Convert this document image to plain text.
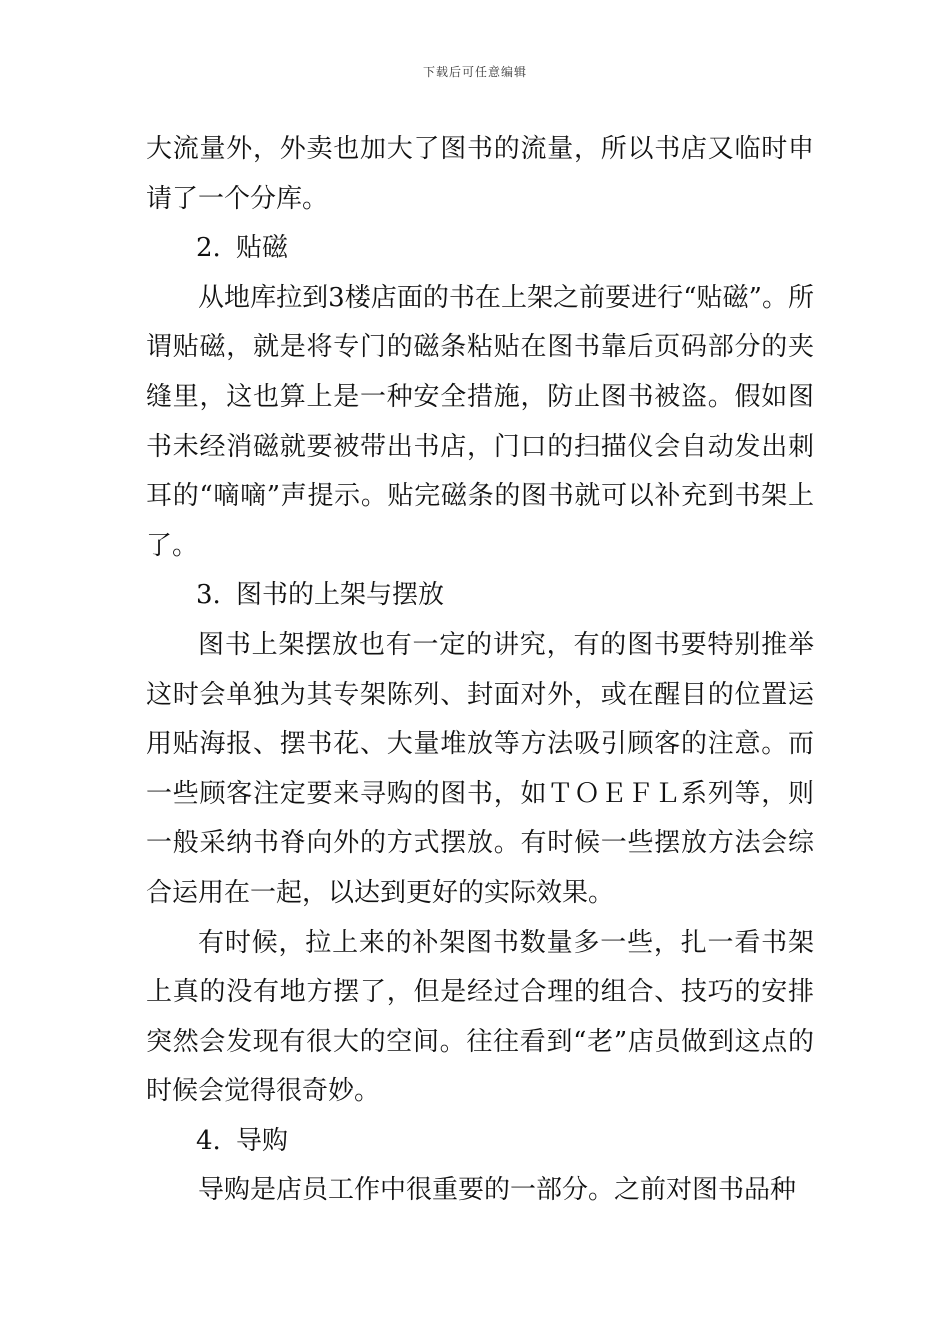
下载后可任意编辑

大流量外，外卖也加大了图书的流量，所以书店又临时申请了一个分库。

2. 贴磁

从地库拉到3楼店面的书在上架之前要进行“贴磁”。所谓贴磁，就是将专门的磁条粘贴在图书靠后页码部分的夹缝里，这也算上是一种安全措施，防止图书被盗。假如图书未经消磁就要被带出书店，门口的扫描仪会自动发出刺耳的“嘀嘀”声提示。贴完磁条的图书就可以补充到书架上了。

3. 图书的上架与摆放

图书上架摆放也有一定的讲究，有的图书要特别推举这时会单独为其专架陈列、封面对外，或在醒目的位置运用贴海报、摆书花、大量堆放等方法吸引顾客的注意。而一些顾客注定要来寻购的图书，如ＴＯＥＦＬ系列等，则一般采纳书脊向外的方式摆放。有时候一些摆放方法会综合运用在一起，以达到更好的实际效果。

有时候，拉上来的补架图书数量多一些，扎一看书架上真的没有地方摆了，但是经过合理的组合、技巧的安排突然会发现有很大的空间。往往看到“老”店员做到这点的时候会觉得很奇妙。

4. 导购

导购是店员工作中很重要的一部分。之前对图书品种
